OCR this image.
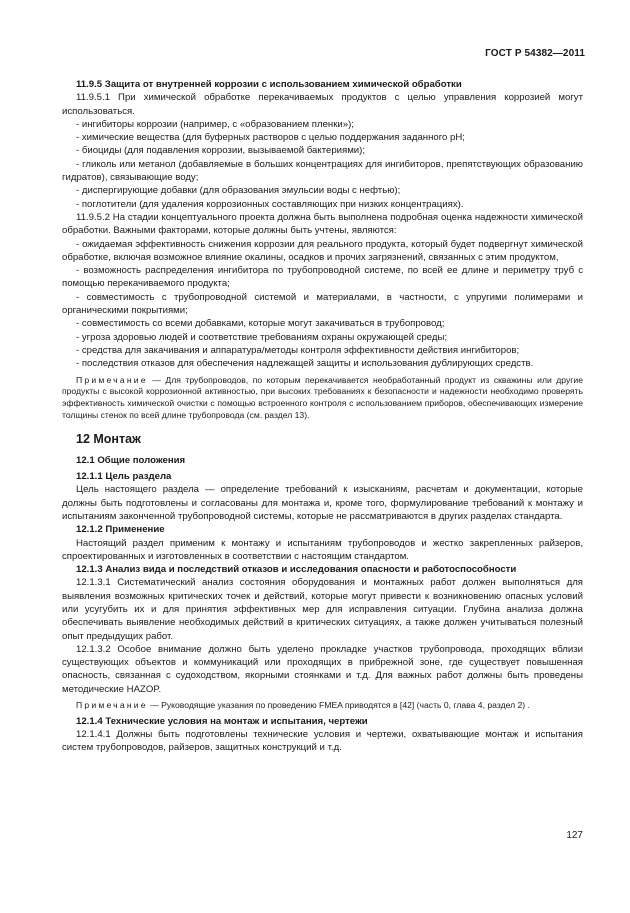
ГОСТ Р 54382—2011

11.9.5 Защита от внутренней коррозии с использованием химической обработки

11.9.5.1 При химической обработке перекачиваемых продуктов с целью управления коррозией могут использоваться.

- ингибиторы коррозии (например, с «образованием пленки»);

- химические вещества (для буферных растворов с целью поддержания заданного pH;

- биоциды (для подавления коррозии, вызываемой бактериями);

- гликоль или метанол (добавляемые в больших концентрациях для ингибиторов, препятствующих образованию гидратов), связывающие воду;

- диспергирующие добавки (для образования эмульсии воды с нефтью);

- поглотители (для удаления коррозионных составляющих при низких концентрациях).

11.9.5.2 На стадии концептуального проекта должна быть выполнена подробная оценка надежности химической обработки. Важными факторами, которые должны быть учтены, являются:

- ожидаемая эффективность снижения коррозии для реального продукта, который будет подвергнут химической обработке, включая возможное влияние окалины, осадков и прочих загрязнений, связанных с этим продуктом,

- возможность распределения ингибитора по трубопроводной системе, по всей ее длине и периметру труб с помощью перекачиваемого продукта;

- совместимость с трубопроводной системой и материалами, в частности, с упругими полимерами и органическими покрытиями;

- совместимость со всеми добавками, которые могут закачиваться в трубопровод;

- угроза здоровью людей и соответствие требованиям охраны окружающей среды;

- средства для закачивания и аппаратура/методы контроля эффективности действия ингибиторов;

- последствия отказов для обеспечения надлежащей защиты и использования дублирующих средств.

Примечание — Для трубопроводов, по которым перекачивается необработанный продукт из скважины или другие продукты с высокой коррозионной активностью, при высоких требованиях к безопасности и надежности необходимо проверять эффективность химической очистки с помощью встроенного контроля с использованием приборов, обеспечивающих измерение толщины стенок по всей длине трубопровода (см. раздел 13).

12 Монтаж

12.1 Общие положения

12.1.1 Цель раздела

Цель настоящего раздела — определение требований к изысканиям, расчетам и документации, которые должны быть подготовлены и согласованы для монтажа и, кроме того, формулирование требований к монтажу и испытаниям законченной трубопроводной системы, которые не рассматриваются в других разделах стандарта.

12.1.2 Применение

Настоящий раздел применим к монтажу и испытаниям трубопроводов и жестко закрепленных райзеров, спроектированных и изготовленных в соответствии с настоящим стандартом.

12.1.3 Анализ вида и последствий отказов и исследования опасности и работоспособности

12.1.3.1 Систематический анализ состояния оборудования и монтажных работ должен выполняться для выявления возможных критических точек и действий, которые могут привести к возникновению опасных условий или усугубить их и для принятия эффективных мер для исправления ситуации. Глубина анализа должна обеспечивать выявление необходимых действий в критических ситуациях, а также должен учитываться полезный опыт предыдущих работ.

12.1.3.2 Особое внимание должно быть уделено прокладке участков трубопровода, проходящих вблизи существующих объектов и коммуникаций или проходящих в прибрежной зоне, где существует повышенная опасность, связанная с судоходством, якорными стоянками и т.д. Для важных работ должны быть проведены методические HAZOP.

Примечание — Руководящие указания по проведению FMEA приводятся в [42] (часть 0, глава 4, раздел 2) .

12.1.4 Технические условия на монтаж и испытания, чертежи

12.1.4.1 Должны быть подготовлены технические условия и чертежи, охватывающие монтаж и испытания систем трубопроводов, райзеров, защитных конструкций и т.д.

127
